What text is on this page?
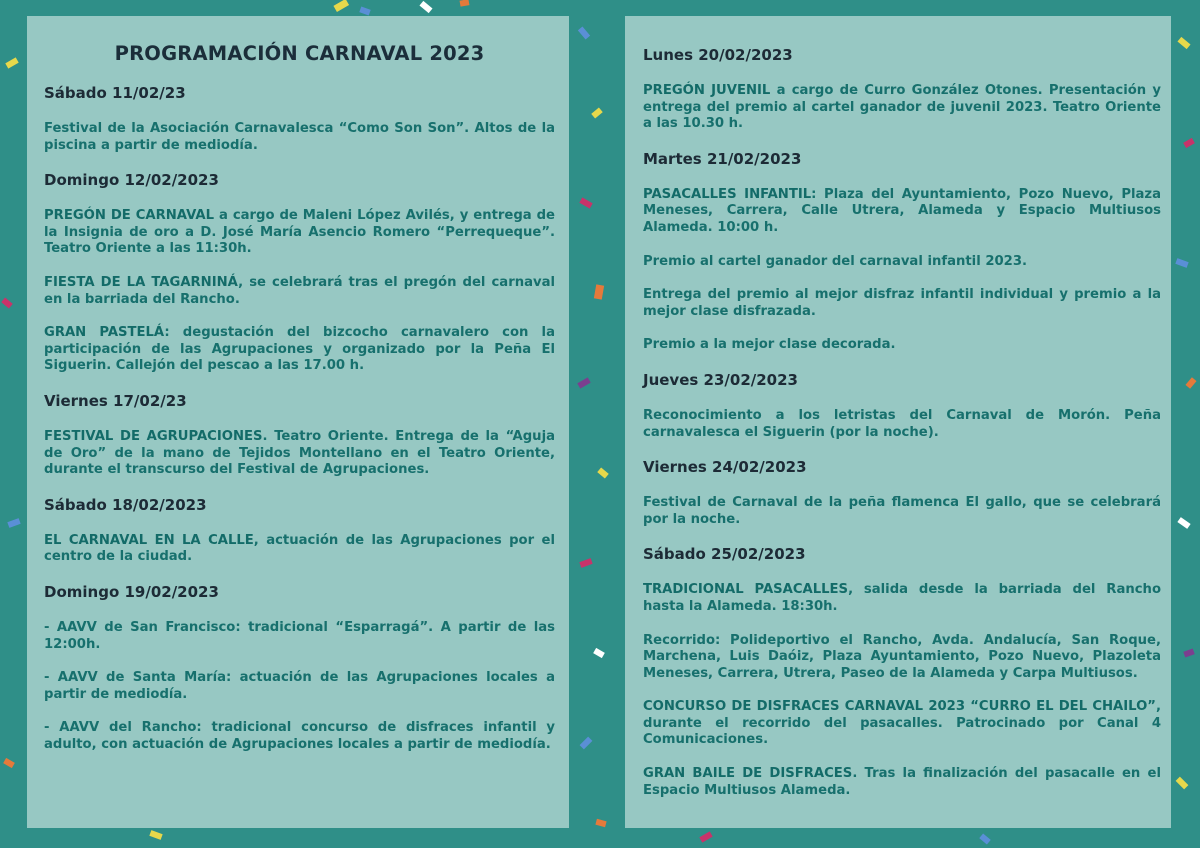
PROGRAMACIÓN CARNAVAL 2023
Sábado 11/02/23

Festival de la Asociación Carnavalesca “Como Son Son”. Altos de la piscina a partir de mediodía.

Domingo 12/02/2023

PREGÓN DE CARNAVAL a cargo de Maleni López Avilés, y entrega de la Insignia de oro a D. José María Asencio Romero “Perrequeque”. Teatro Oriente a las 11:30h.

FIESTA DE LA TAGARNINÁ, se celebrará tras el pregón del carnaval en la barriada del Rancho.

GRAN PASTELÁ: degustación del bizcocho carnavalero con la participación de las Agrupaciones y organizado por la Peña El Siguerin. Callejón del pescao a las 17.00 h.

Viernes 17/02/23

FESTIVAL DE AGRUPACIONES. Teatro Oriente. Entrega de la “Aguja de Oro” de la mano de Tejidos Montellano en el Teatro Oriente, durante el transcurso del Festival de Agrupaciones.

Sábado 18/02/2023

EL CARNAVAL EN LA CALLE, actuación de las Agrupaciones por el centro de la ciudad.

Domingo 19/02/2023

- AAVV de San Francisco: tradicional “Esparragá”. A partir de las 12:00h.

- AAVV de Santa María: actuación de las Agrupaciones locales a partir de mediodía.

- AAVV del Rancho: tradicional concurso de disfraces infantil y adulto, con actuación de Agrupaciones locales a partir de mediodía.

Lunes 20/02/2023

PREGÓN JUVENIL a cargo de Curro González Otones. Presentación y entrega del premio al cartel ganador de juvenil 2023. Teatro Oriente a las 10.30 h.

Martes 21/02/2023

PASACALLES INFANTIL: Plaza del Ayuntamiento, Pozo Nuevo, Plaza Meneses, Carrera, Calle Utrera, Alameda y Espacio Multiusos Alameda. 10:00 h.

Premio al cartel ganador del carnaval infantil 2023.

Entrega del premio al mejor disfraz infantil individual y premio a la mejor clase disfrazada.

Premio a la mejor clase decorada.

Jueves 23/02/2023

Reconocimiento a los letristas del Carnaval de Morón. Peña carnavalesca el Siguerin (por la noche).

Viernes 24/02/2023

Festival de Carnaval de la peña flamenca El gallo, que se celebrará por la noche.

Sábado 25/02/2023

TRADICIONAL PASACALLES, salida desde la barriada del Rancho hasta la Alameda. 18:30h.

Recorrido: Polideportivo el Rancho, Avda. Andalucía, San Roque, Marchena, Luis Daóiz, Plaza Ayuntamiento, Pozo Nuevo, Plazoleta Meneses, Carrera, Utrera, Paseo de la Alameda y Carpa Multiusos.

CONCURSO DE DISFRACES CARNAVAL 2023 “CURRO EL DEL CHAILO”, durante el recorrido del pasacalles. Patrocinado por Canal 4 Comunicaciones.

GRAN BAILE DE DISFRACES. Tras la finalización del pasacalle en el Espacio Multiusos Alameda.
